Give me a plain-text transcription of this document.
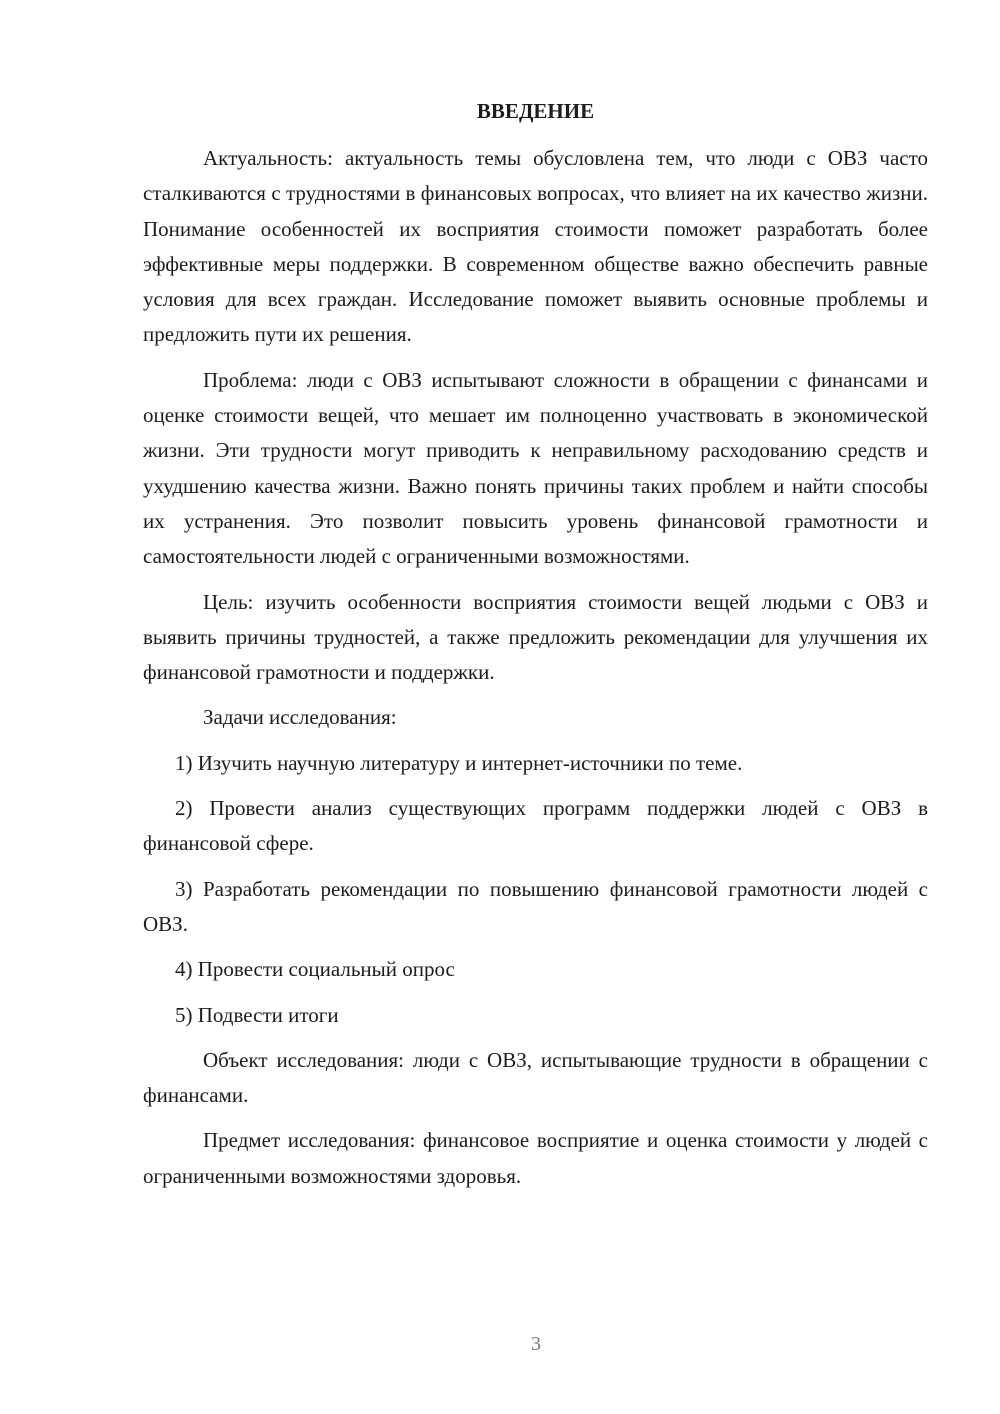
ВВЕДЕНИЕ

Актуальность: актуальность темы обусловлена тем, что люди с ОВЗ часто сталкиваются с трудностями в финансовых вопросах, что влияет на их качество жизни. Понимание особенностей их восприятия стоимости поможет разработать более эффективные меры поддержки. В современном обществе важно обеспечить равные условия для всех граждан. Исследование поможет выявить основные проблемы и предложить пути их решения.

Проблема: люди с ОВЗ испытывают сложности в обращении с финансами и оценке стоимости вещей, что мешает им полноценно участвовать в экономической жизни. Эти трудности могут приводить к неправильному расходованию средств и ухудшению качества жизни. Важно понять причины таких проблем и найти способы их устранения. Это позволит повысить уровень финансовой грамотности и самостоятельности людей с ограниченными возможностями.

Цель: изучить особенности восприятия стоимости вещей людьми с ОВЗ и выявить причины трудностей, а также предложить рекомендации для улучшения их финансовой грамотности и поддержки.

Задачи исследования:

1) Изучить научную литературу и интернет-источники по теме.

2) Провести анализ существующих программ поддержки людей с ОВЗ в финансовой сфере.

3) Разработать рекомендации по повышению финансовой грамотности людей с ОВЗ.

4) Провести социальный опрос

5) Подвести итоги

Объект исследования: люди с ОВЗ, испытывающие трудности в обращении с финансами.

Предмет исследования: финансовое восприятие и оценка стоимости у людей с ограниченными возможностями здоровья.

3
